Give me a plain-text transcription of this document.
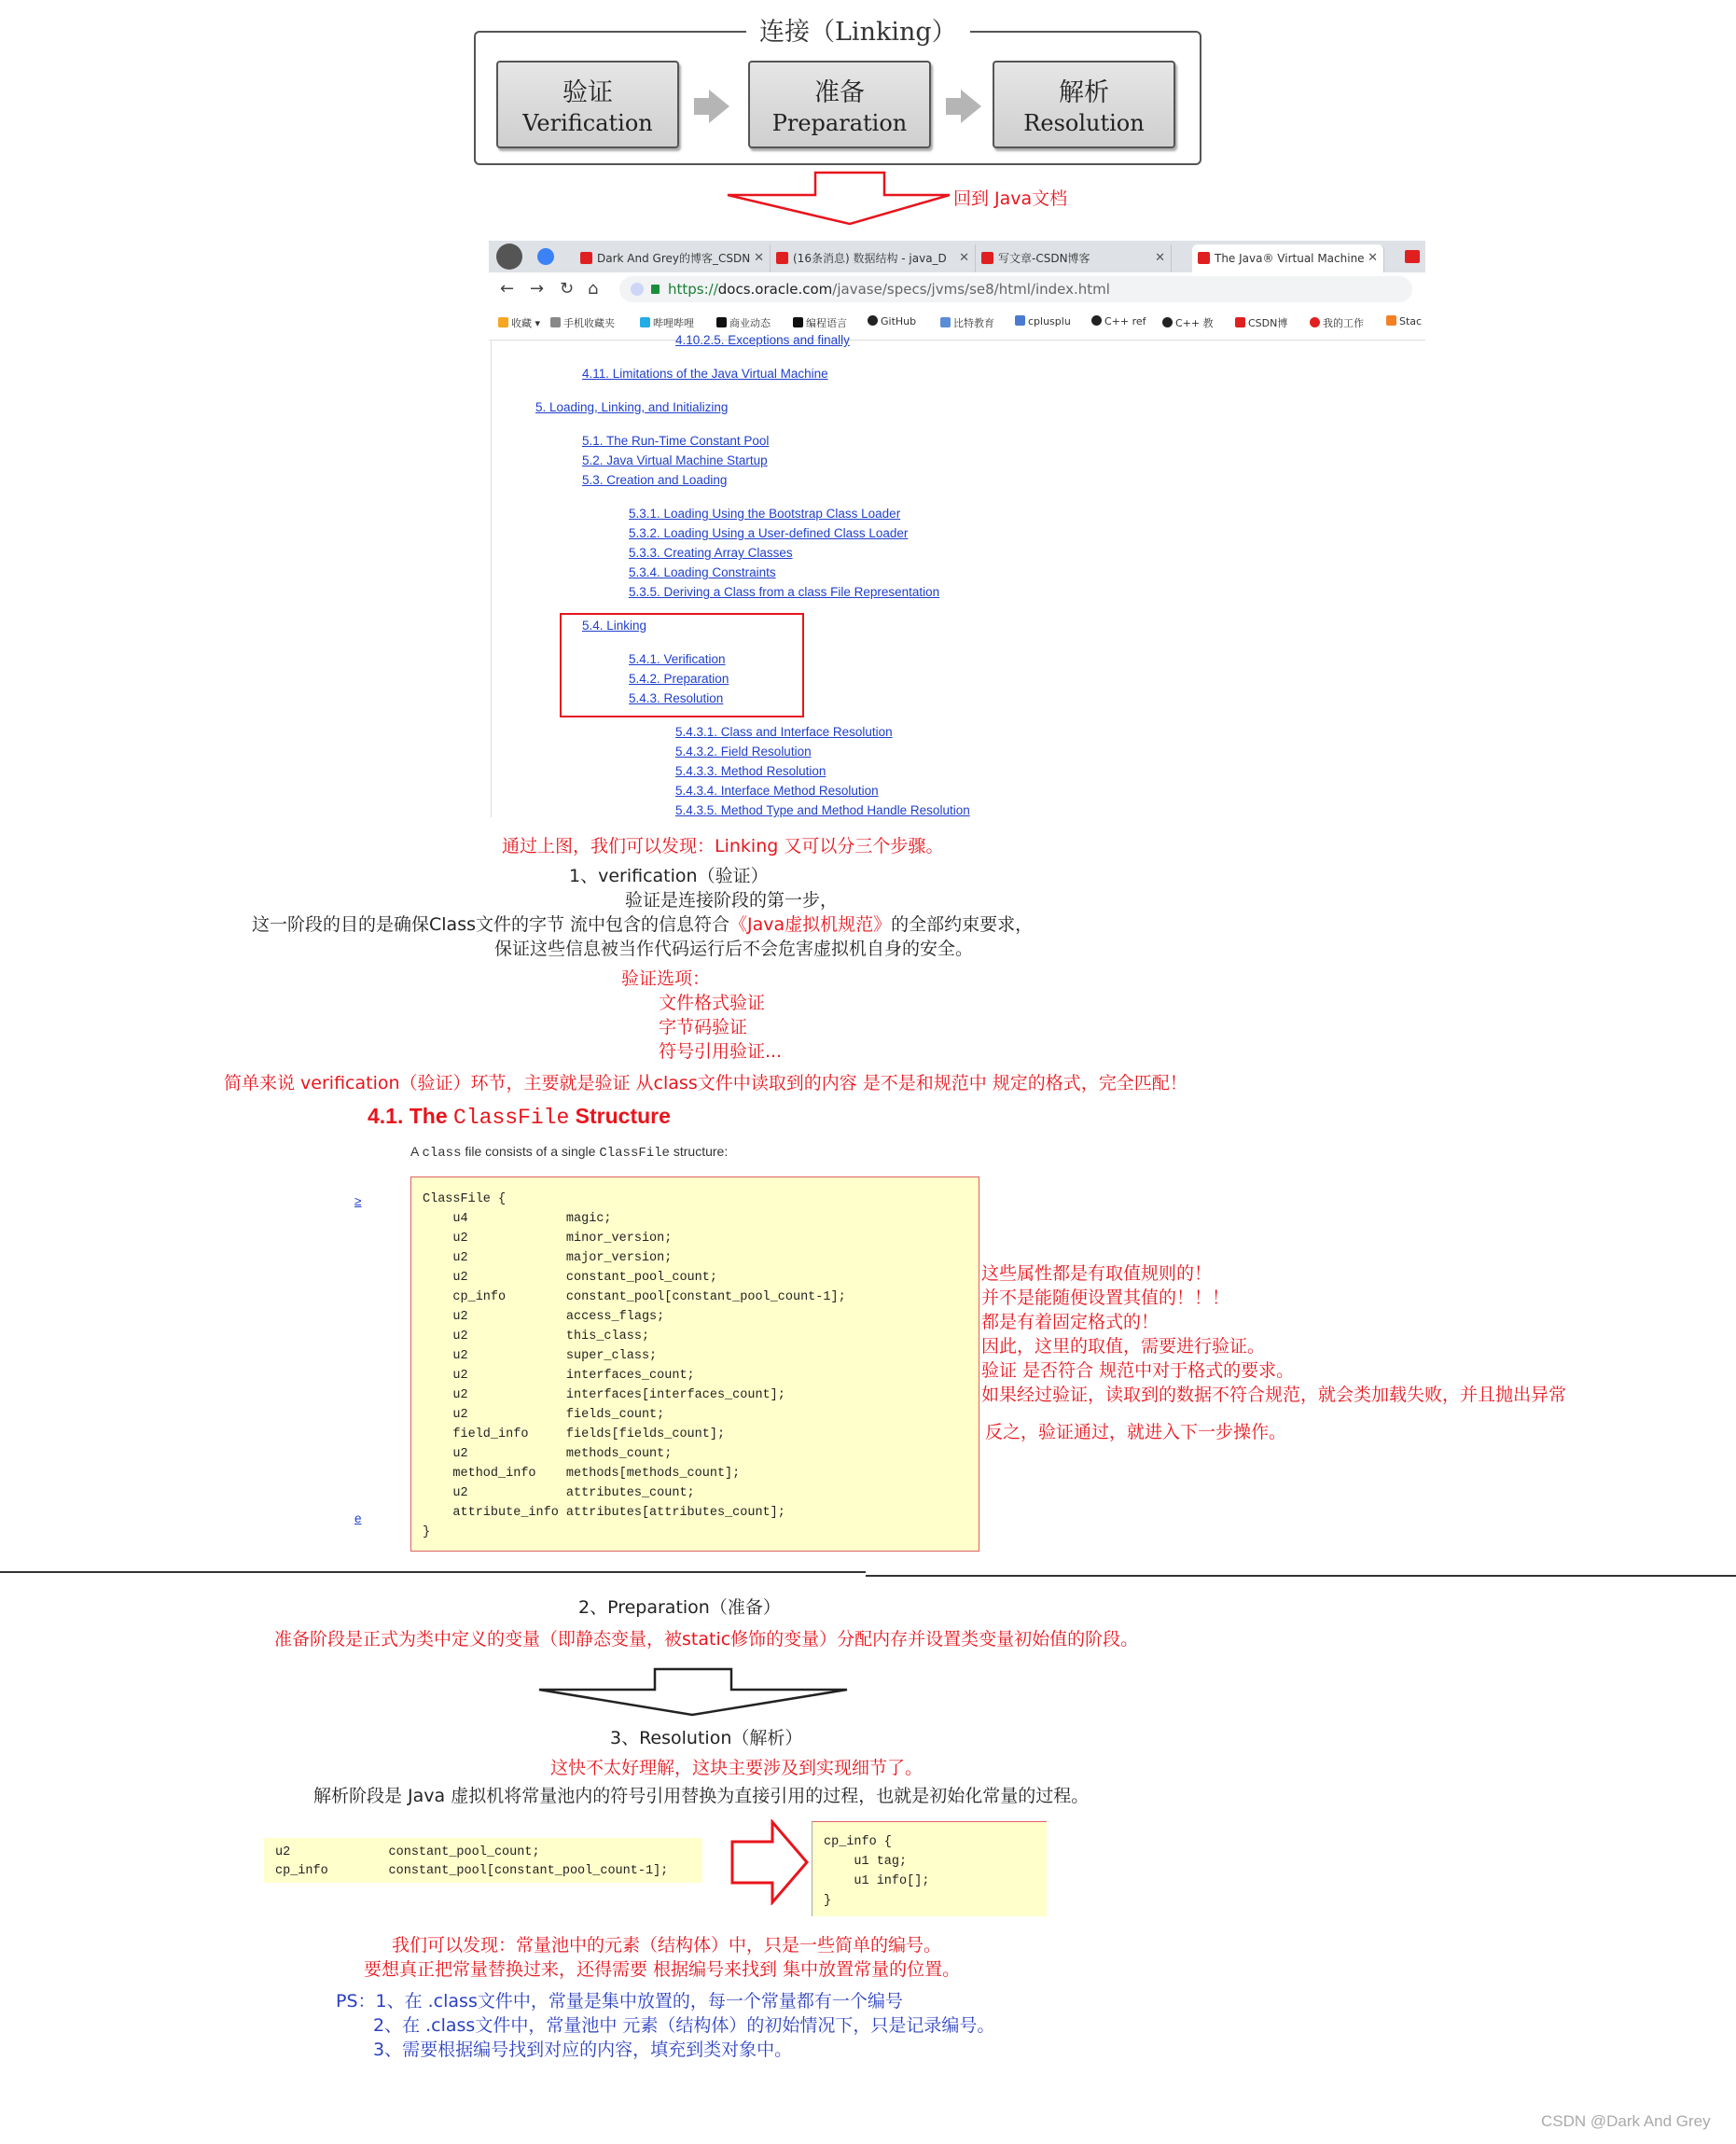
连接（Linking）
验证
Verification
准备
Preparation
解析
Resolution
回到 Java文档
Dark And Grey的博客_CSDN ✕	(16条消息) 数据结构 - java_D ✕	写文章-CSDN博客	✕	The Java® Virtual Machine ✕
← → ↻ ⌂	https://docs.oracle.com/javase/specs/jvms/se8/html/index.html
收藏 ▾	手机收藏夹	哔哩哔哩	商业动态	编程语言	GitHub	比特教育	cplusplu	C++ ref	C++ 教	CSDN博	我的工作	Stac
4.10.2.5. Exceptions and finally
4.11. Limitations of the Java Virtual Machine
5. Loading, Linking, and Initializing
5.1. The Run-Time Constant Pool
5.2. Java Virtual Machine Startup
5.3. Creation and Loading
5.3.1. Loading Using the Bootstrap Class Loader
5.3.2. Loading Using a User-defined Class Loader
5.3.3. Creating Array Classes
5.3.4. Loading Constraints
5.3.5. Deriving a Class from a class File Representation
5.4. Linking
5.4.1. Verification
5.4.2. Preparation
5.4.3. Resolution
5.4.3.1. Class and Interface Resolution
5.4.3.2. Field Resolution
5.4.3.3. Method Resolution
5.4.3.4. Interface Method Resolution
5.4.3.5. Method Type and Method Handle Resolution
通过上图，我们可以发现：Linking 又可以分三个步骤。
1、verification（验证）
验证是连接阶段的第一步，
这一阶段的目的是确保Class文件的字节 流中包含的信息符合《Java虚拟机规范》的全部约束要求，
保证这些信息被当作代码运行后不会危害虚拟机自身的安全。
验证选项：
文件格式验证
字节码验证
符号引用验证...
简单来说 verification（验证）环节，主要就是验证 从class文件中读取到的内容 是不是和规范中 规定的格式，完全匹配！
4.1. The ClassFile Structure
A class file consists of a single ClassFile structure:
≥
e
ClassFile {
u4             magic;
u2             minor_version;
u2             major_version;
u2             constant_pool_count;
cp_info        constant_pool[constant_pool_count-1];
u2             access_flags;
u2             this_class;
u2             super_class;
u2             interfaces_count;
u2             interfaces[interfaces_count];
u2             fields_count;
field_info     fields[fields_count];
u2             methods_count;
method_info    methods[methods_count];
u2             attributes_count;
attribute_info attributes[attributes_count];
}
这些属性都是有取值规则的！
并不是能随便设置其值的！！！
都是有着固定格式的！
因此，这里的取值，需要进行验证。
验证 是否符合 规范中对于格式的要求。
如果经过验证，读取到的数据不符合规范，就会类加载失败，并且抛出异常
反之，验证通过，就进入下一步操作。
2、Preparation（准备）
准备阶段是正式为类中定义的变量（即静态变量，被static修饰的变量）分配内存并设置类变量初始值的阶段。
3、Resolution（解析）
这快不太好理解，这块主要涉及到实现细节了。
解析阶段是 Java 虚拟机将常量池内的符号引用替换为直接引用的过程，也就是初始化常量的过程。
u2             constant_pool_count;
cp_info        constant_pool[constant_pool_count-1];
cp_info {
u1 tag;
u1 info[];
}
我们可以发现：常量池中的元素（结构体）中，只是一些简单的编号。
要想真正把常量替换过来，还得需要 根据编号来找到 集中放置常量的位置。
PS：1、在 .class文件中，常量是集中放置的，每一个常量都有一个编号
2、在 .class文件中，常量池中 元素（结构体）的初始情况下，只是记录编号。
3、需要根据编号找到对应的内容，填充到类对象中。
CSDN @Dark And Grey
